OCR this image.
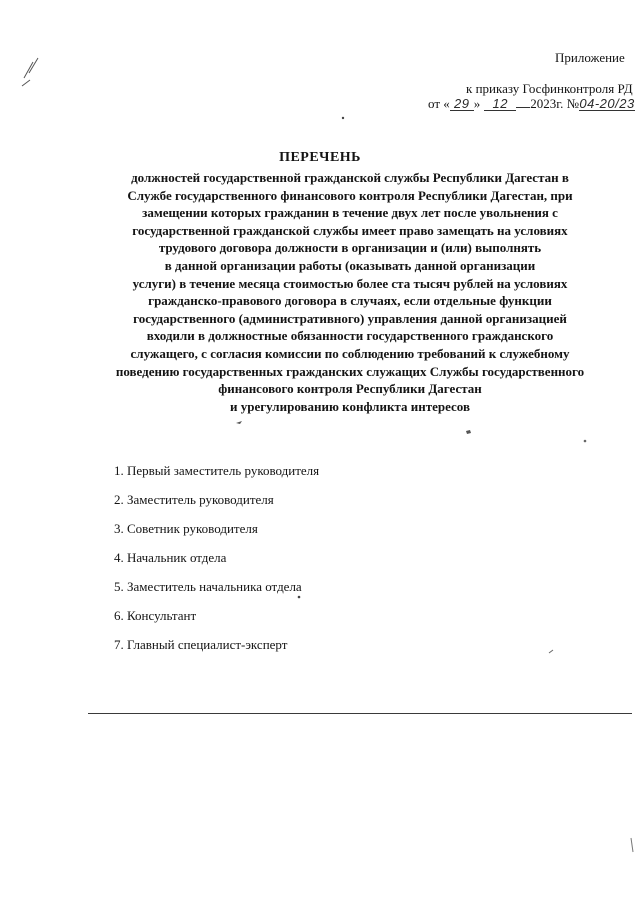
Приложение
к приказу Госфинконтроля РД
от « 29 » 12 2023г. №04-20/23
ПЕРЕЧЕНЬ

должностей государственной гражданской службы Республики Дагестан в
Службе государственного финансового контроля Республики Дагестан, при
замещении которых гражданин в течение двух лет после увольнения с
государственной гражданской службы имеет право замещать на условиях
трудового договора должности в организации и (или) выполнять
в данной организации работы (оказывать данной организации
услуги) в течение месяца стоимостью более ста тысяч рублей на условиях
гражданско-правового договора в случаях, если отдельные функции
государственного (административного) управления данной организацией
входили в должностные обязанности государственного гражданского
служащего, с согласия комиссии по соблюдению требований к служебному
поведению государственных гражданских служащих Службы государственного
финансового контроля Республики Дагестан
и урегулированию конфликта интересов

1. Первый заместитель руководителя
2. Заместитель руководителя
3. Советник руководителя
4. Начальник отдела
5. Заместитель начальника отдела
6. Консультант
7. Главный специалист-эксперт
